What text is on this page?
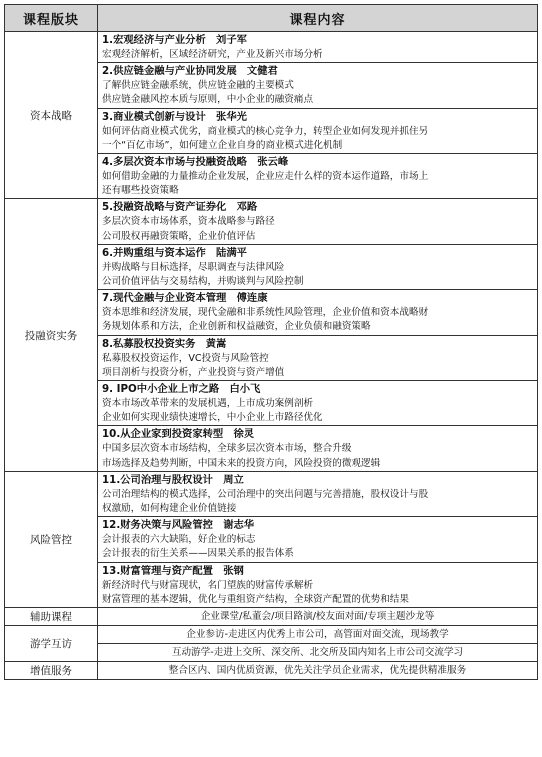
课程版块	课程内容
资本战略	1.宏观经济与产业分析　刘子军
宏观经济解析，区域经济研究，产业及新兴市场分析

	2.供应链金融与产业协同发展　文健君
了解供应链金融系统，供应链金融的主要模式
供应链金融风控本质与原则，中小企业的融资痛点

	3.商业模式创新与设计　张华光
如何评估商业模式优劣，商业模式的核心竞争力，转型企业如何发现并抓住另
一个“百亿市场”，如何建立企业自身的商业模式进化机制

	4.多层次资本市场与投融资战略　张云峰
如何借助金融的力量推动企业发展，企业应走什么样的资本运作道路，市场上
还有哪些投资策略

投融资实务	5.投融资战略与资产证券化　邓路
多层次资本市场体系，资本战略参与路径
公司股权再融资策略，企业价值评估

	6.并购重组与资本运作　陆满平
并购战略与目标选择，尽职调查与法律风险
公司价值评估与交易结构，并购谈判与风险控制

	7.现代金融与企业资本管理　傅连康
资本思维和经济发展，现代金融和非系统性风险管理，企业价值和资本战略财
务规划体系和方法，企业创新和权益融资，企业负债和融资策略

	8.私募股权投资实务　黄嵩
私募股权投资运作，VC投资与风险管控
项目剖析与投资分析，产业投资与资产增值

	9. IPO中小企业上市之路　白小飞
资本市场改革带来的发展机遇，上市成功案例剖析
企业如何实现业绩快速增长，中小企业上市路径优化

	10.从企业家到投资家转型　徐灵
中国多层次资本市场结构，全球多层次资本市场，整合升级
市场选择及趋势判断，中国未来的投资方向，风险投资的微观逻辑

风险管控	11.公司治理与股权设计　周立
公司治理结构的模式选择，公司治理中的突出问题与完善措施，股权设计与股
权激励，如何构建企业价值链接

	12.财务决策与风险管控　谢志华
会计报表的六大缺陷，好企业的标志
会计报表的衍生关系——因果关系的报告体系

	13.财富管理与资产配置　张钢
新经济时代与财富现状，名门望族的财富传承解析
财富管理的基本逻辑，优化与重组资产结构，全球资产配置的优势和结果

辅助课程	企业课堂/私董会/项目路演/校友面对面/专项主题沙龙等
游学互访	企业参访-走进区内优秀上市公司，高管面对面交流，现场教学
	互动游学-走进上交所、深交所、北交所及国内知名上市公司交流学习
增值服务	整合区内、国内优质资源，优先关注学员企业需求，优先提供精准服务
